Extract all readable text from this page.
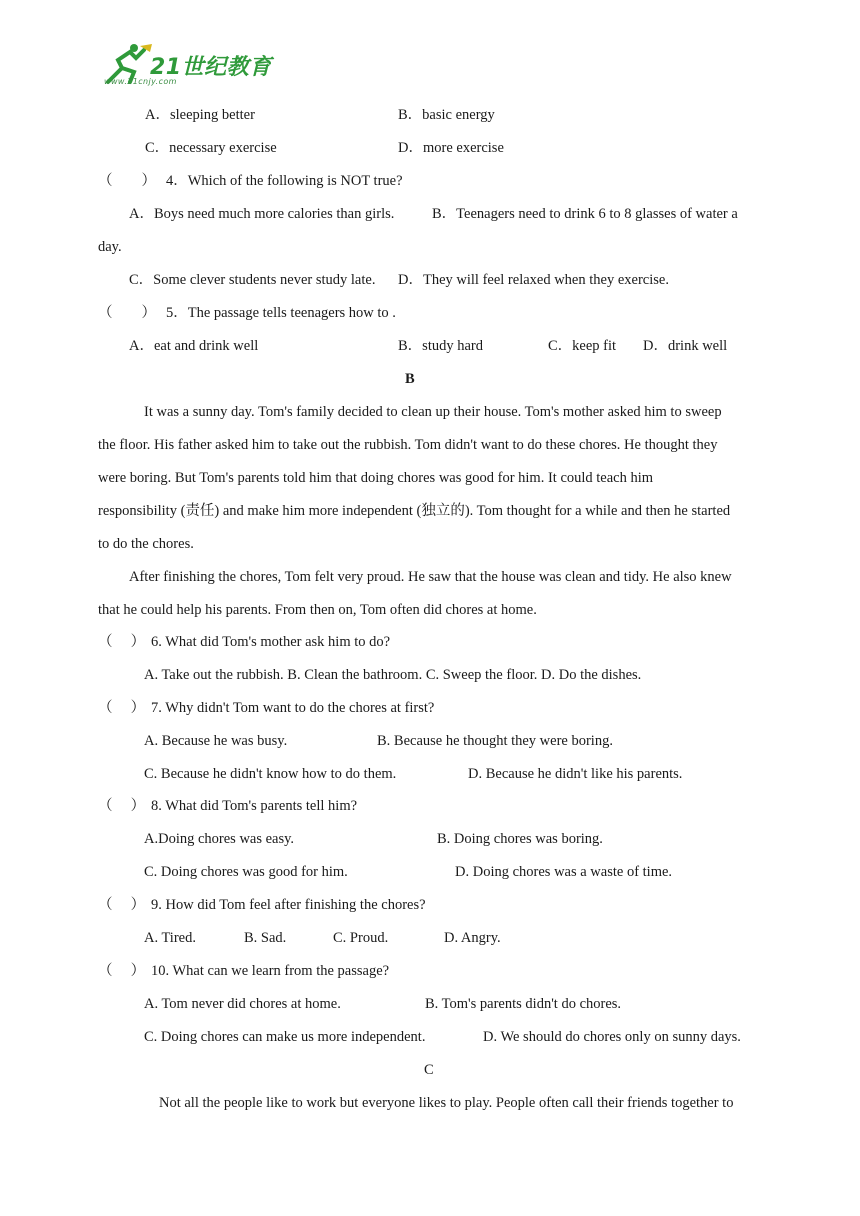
21世纪教育
www.21cnjy.com
A．sleeping better	B．basic energy
C．necessary exercise	D．more exercise
（　　） 4．Which of the following is NOT true?
A．Boys need much more calories than girls.	B．Teenagers need to drink 6 to 8 glasses of water a
day.
C．Some clever students never study late. D．They will feel relaxed when they exercise.
（　　） 5．The passage tells teenagers how to .
A．eat and drink well	B．study hard	C．keep fit D．drink well
B
It was a sunny day. Tom's family decided to clean up their house. Tom's mother asked him to sweep
the floor. His father asked him to take out the rubbish. Tom didn't want to do these chores. He thought they
were boring. But Tom's parents told him that doing chores was good for him. It could teach him
responsibility (责任) and make him more independent (独立的). Tom thought for a while and then he started
to do the chores.
After finishing the chores, Tom felt very proud. He saw that the house was clean and tidy. He also knew
that he could help his parents. From then on, Tom often did chores at home.
（　 ） 6. What did Tom's mother ask him to do?
A. Take out the rubbish. B. Clean the bathroom. C. Sweep the floor. D. Do the dishes.
（　 ） 7. Why didn't Tom want to do the chores at first?
A. Because he was busy.	B. Because he thought they were boring.
C. Because he didn't know how to do them.	D. Because he didn't like his parents.
（　 ） 8. What did Tom's parents tell him?
A.Doing chores was easy.	B. Doing chores was boring.
C. Doing chores was good for him.	D. Doing chores was a waste of time.
（　 ） 9. How did Tom feel after finishing the chores?
A. Tired.	B. Sad.	C. Proud.	D. Angry.
（　 ） 10. What can we learn from the passage?
A. Tom never did chores at home.	B. Tom's parents didn't do chores.
C. Doing chores can make us more independent.	D. We should do chores only on sunny days.
C
Not all the people like to work but everyone likes to play. People often call their friends together to
